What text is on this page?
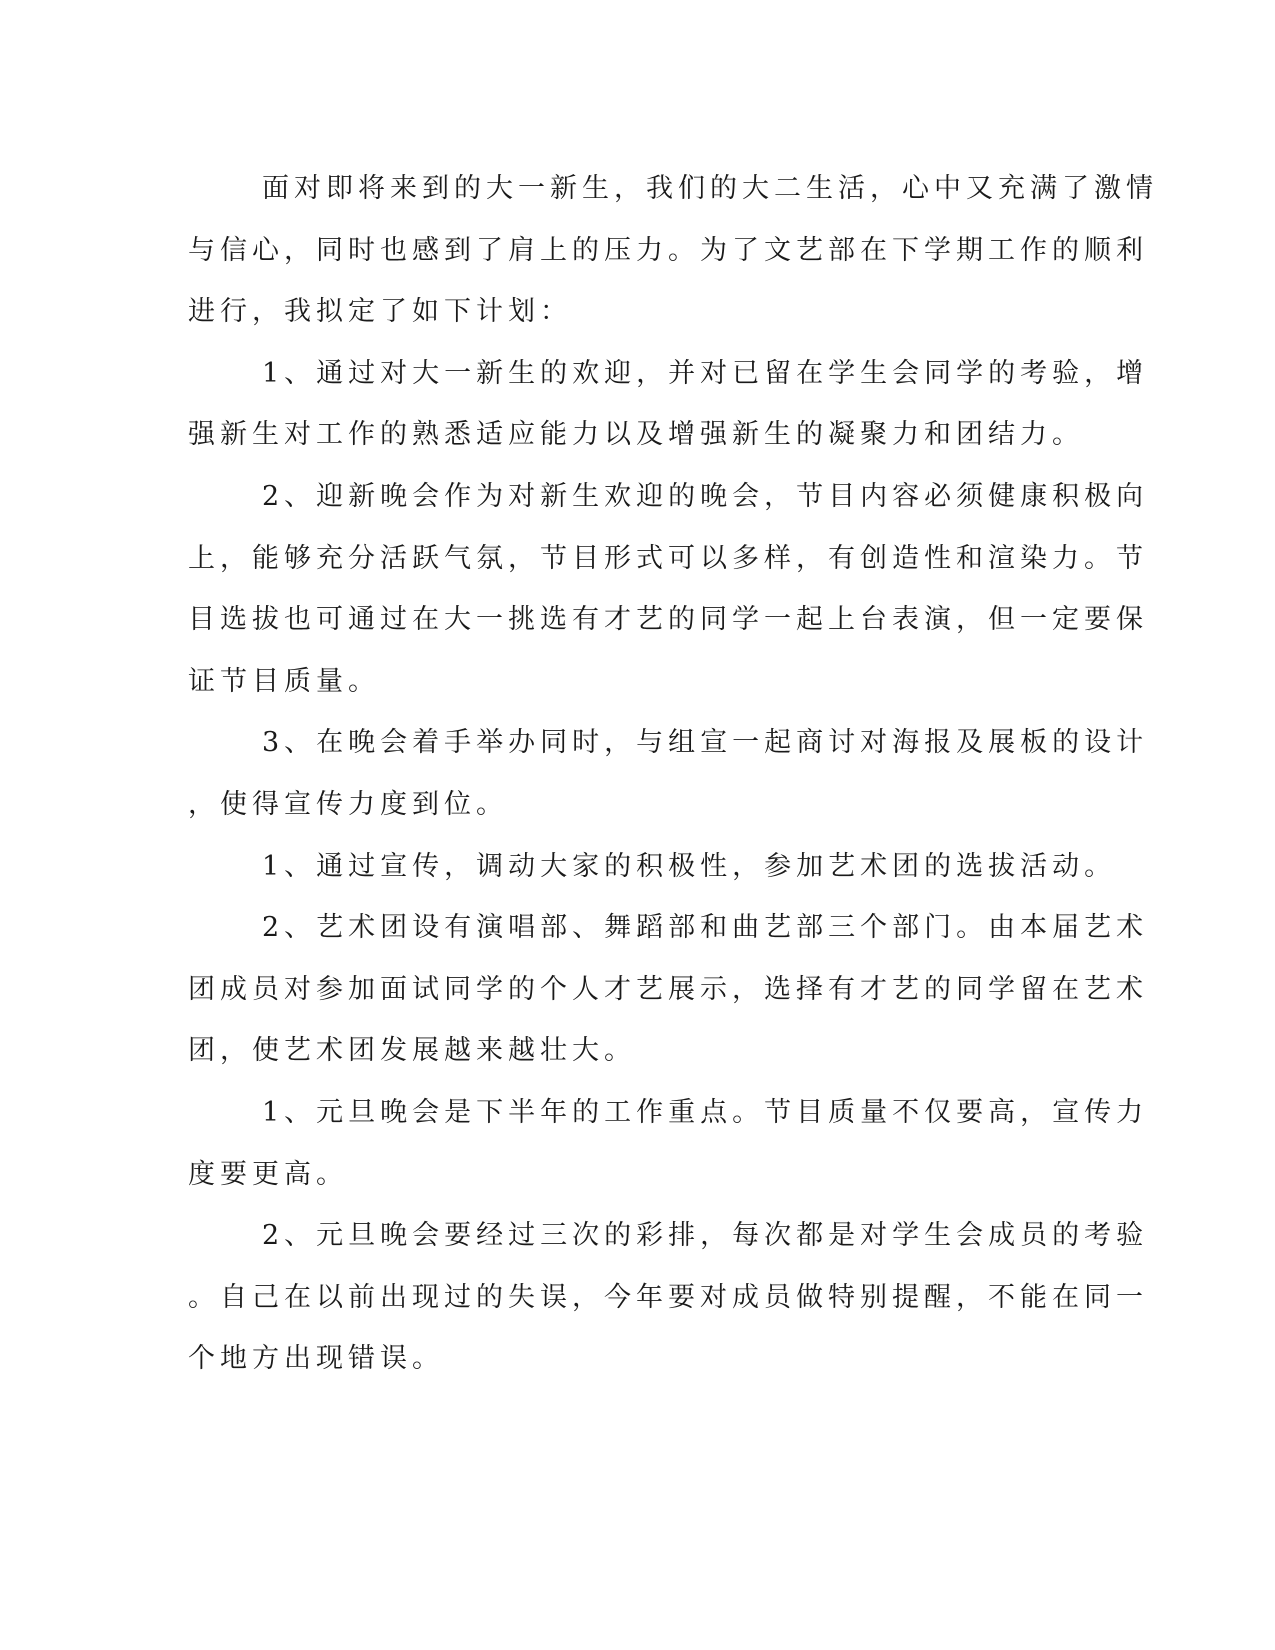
面对即将来到的大一新生，我们的大二生活，心中又充满了激情
与信心，同时也感到了肩上的压力。为了文艺部在下学期工作的顺利
进行，我拟定了如下计划：
1、通过对大一新生的欢迎，并对已留在学生会同学的考验，增
强新生对工作的熟悉适应能力以及增强新生的凝聚力和团结力。
2、迎新晚会作为对新生欢迎的晚会，节目内容必须健康积极向
上，能够充分活跃气氛，节目形式可以多样，有创造性和渲染力。节
目选拔也可通过在大一挑选有才艺的同学一起上台表演，但一定要保
证节目质量。
3、在晚会着手举办同时，与组宣一起商讨对海报及展板的设计
，使得宣传力度到位。
1、通过宣传，调动大家的积极性，参加艺术团的选拔活动。
2、艺术团设有演唱部、舞蹈部和曲艺部三个部门。由本届艺术
团成员对参加面试同学的个人才艺展示，选择有才艺的同学留在艺术
团，使艺术团发展越来越壮大。
1、元旦晚会是下半年的工作重点。节目质量不仅要高，宣传力
度要更高。
2、元旦晚会要经过三次的彩排，每次都是对学生会成员的考验
。自己在以前出现过的失误，今年要对成员做特别提醒，不能在同一
个地方出现错误。
